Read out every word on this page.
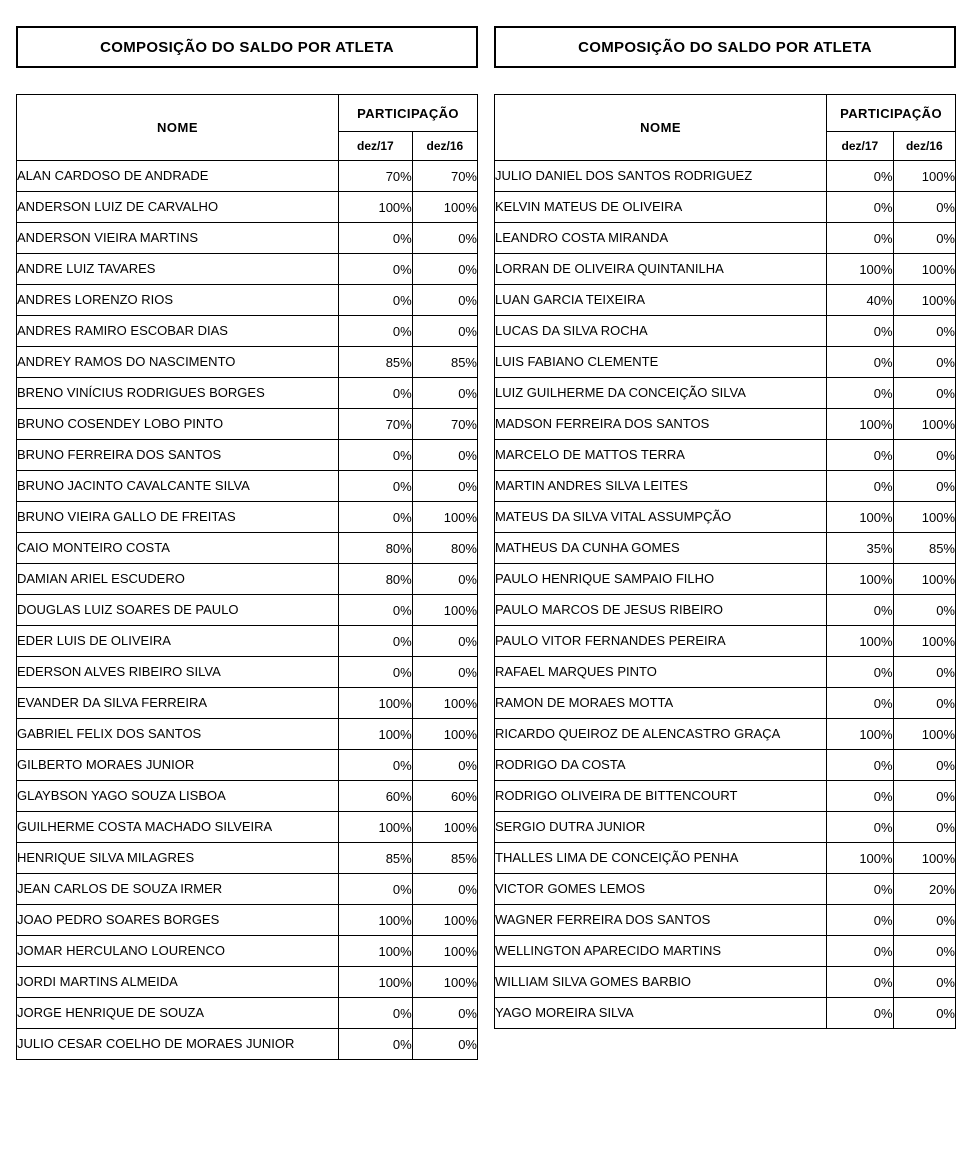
COMPOSIÇÃO DO SALDO POR ATLETA
NOME	PARTICIPAÇÃO	
	dez/17	dez/16
ALAN CARDOSO DE ANDRADE	70%	70%
ANDERSON LUIZ DE CARVALHO	100%	100%
ANDERSON VIEIRA MARTINS	0%	0%
ANDRE LUIZ TAVARES	0%	0%
ANDRES LORENZO RIOS	0%	0%
ANDRES RAMIRO ESCOBAR DIAS	0%	0%
ANDREY RAMOS DO NASCIMENTO	85%	85%
BRENO VINÍCIUS RODRIGUES BORGES	0%	0%
BRUNO COSENDEY LOBO PINTO	70%	70%
BRUNO FERREIRA DOS SANTOS	0%	0%
BRUNO JACINTO CAVALCANTE SILVA	0%	0%
BRUNO VIEIRA GALLO DE FREITAS	0%	100%
CAIO MONTEIRO COSTA	80%	80%
DAMIAN ARIEL ESCUDERO	80%	0%
DOUGLAS LUIZ SOARES DE PAULO	0%	100%
EDER LUIS DE OLIVEIRA	0%	0%
EDERSON ALVES RIBEIRO SILVA	0%	0%
EVANDER DA SILVA FERREIRA	100%	100%
GABRIEL FELIX DOS SANTOS	100%	100%
GILBERTO MORAES JUNIOR	0%	0%
GLAYBSON YAGO SOUZA LISBOA	60%	60%
GUILHERME COSTA MACHADO SILVEIRA	100%	100%
HENRIQUE SILVA MILAGRES	85%	85%
JEAN CARLOS DE SOUZA IRMER	0%	0%
JOAO PEDRO SOARES BORGES	100%	100%
JOMAR HERCULANO LOURENCO	100%	100%
JORDI MARTINS ALMEIDA	100%	100%
JORGE HENRIQUE DE SOUZA	0%	0%
JULIO CESAR COELHO DE MORAES JUNIOR	0%	0%
COMPOSIÇÃO DO SALDO POR ATLETA
NOME	PARTICIPAÇÃO	
	dez/17	dez/16
JULIO DANIEL DOS SANTOS RODRIGUEZ	0%	100%
KELVIN MATEUS DE OLIVEIRA	0%	0%
LEANDRO COSTA MIRANDA	0%	0%
LORRAN DE OLIVEIRA QUINTANILHA	100%	100%
LUAN GARCIA TEIXEIRA	40%	100%
LUCAS DA SILVA ROCHA	0%	0%
LUIS FABIANO CLEMENTE	0%	0%
LUIZ GUILHERME DA CONCEIÇÃO SILVA	0%	0%
MADSON FERREIRA DOS SANTOS	100%	100%
MARCELO DE MATTOS TERRA	0%	0%
MARTIN ANDRES SILVA LEITES	0%	0%
MATEUS DA SILVA VITAL ASSUMPÇÃO	100%	100%
MATHEUS DA CUNHA GOMES	35%	85%
PAULO HENRIQUE SAMPAIO FILHO	100%	100%
PAULO MARCOS DE JESUS RIBEIRO	0%	0%
PAULO VITOR FERNANDES PEREIRA	100%	100%
RAFAEL MARQUES PINTO	0%	0%
RAMON DE MORAES MOTTA	0%	0%
RICARDO QUEIROZ DE ALENCASTRO GRAÇA	100%	100%
RODRIGO DA COSTA	0%	0%
RODRIGO OLIVEIRA DE BITTENCOURT	0%	0%
SERGIO DUTRA JUNIOR	0%	0%
THALLES LIMA DE CONCEIÇÃO PENHA	100%	100%
VICTOR GOMES LEMOS	0%	20%
WAGNER FERREIRA DOS SANTOS	0%	0%
WELLINGTON APARECIDO MARTINS	0%	0%
WILLIAM SILVA GOMES BARBIO	0%	0%
YAGO MOREIRA SILVA	0%	0%
